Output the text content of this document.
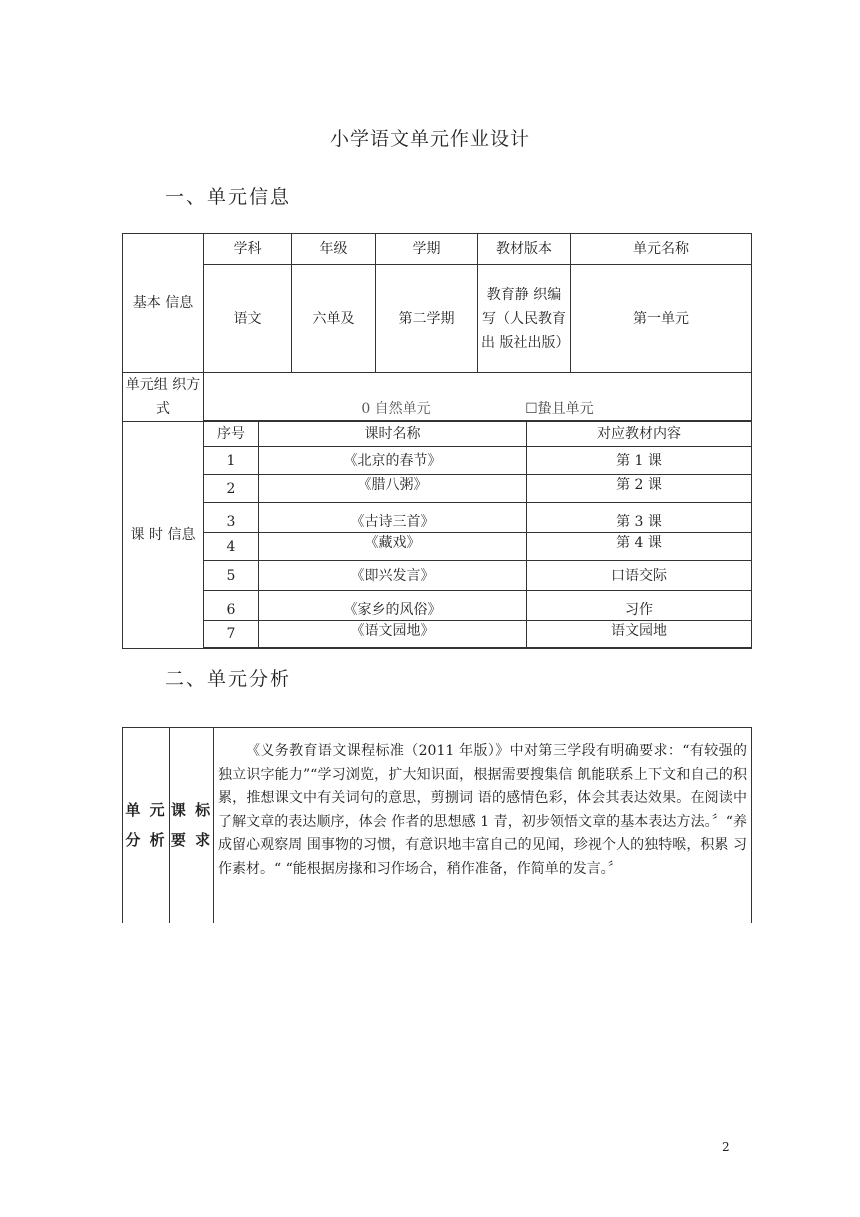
小学语文单元作业设计
一、单元信息
基本 信息	学科	年级	学期	教材版本	单元名称
	语文	六单及	第二学期	教育静 织编写（人民教育出 版社出版）	第一单元
单元组 织方式	0 自然单元 ☐蛰且单元				
课 时 信息					
序号	课时名称	对应教材内容
1	《北京的春节》	第 1 课
2	《腊八粥》	第 2 课
3	《古诗三首》	第 3 课
4	《藏戏》	第 4 课
5	《即兴发言》	口语交际
6	《家乡的风俗》	习作
7	《语文园地》	语文园地
二、单元分析
单 元分 析	课 标要 求	《义务教育语文课程标准（2011 年版）》中对第三学段有明确要求：“有较强的独立识字能力”“学习浏览，扩大知识面，根据需要搜集信 飢能联系上下文和自己的积累，推想课文中有关词句的意思，剪捌词 语的感情色彩，体会其表达效果。在阅读中了解文章的表达顺序，体会 作者的思想感 1 青，初步领悟文章的基本表达方法。〞“养成留心观察周 围事物的习惯，有意识地丰富自己的见闻，珍视个人的独特喉，积累 习作素材。“ “能根据房掾和习作场合，稍作准备，作简单的发言。〞
2
